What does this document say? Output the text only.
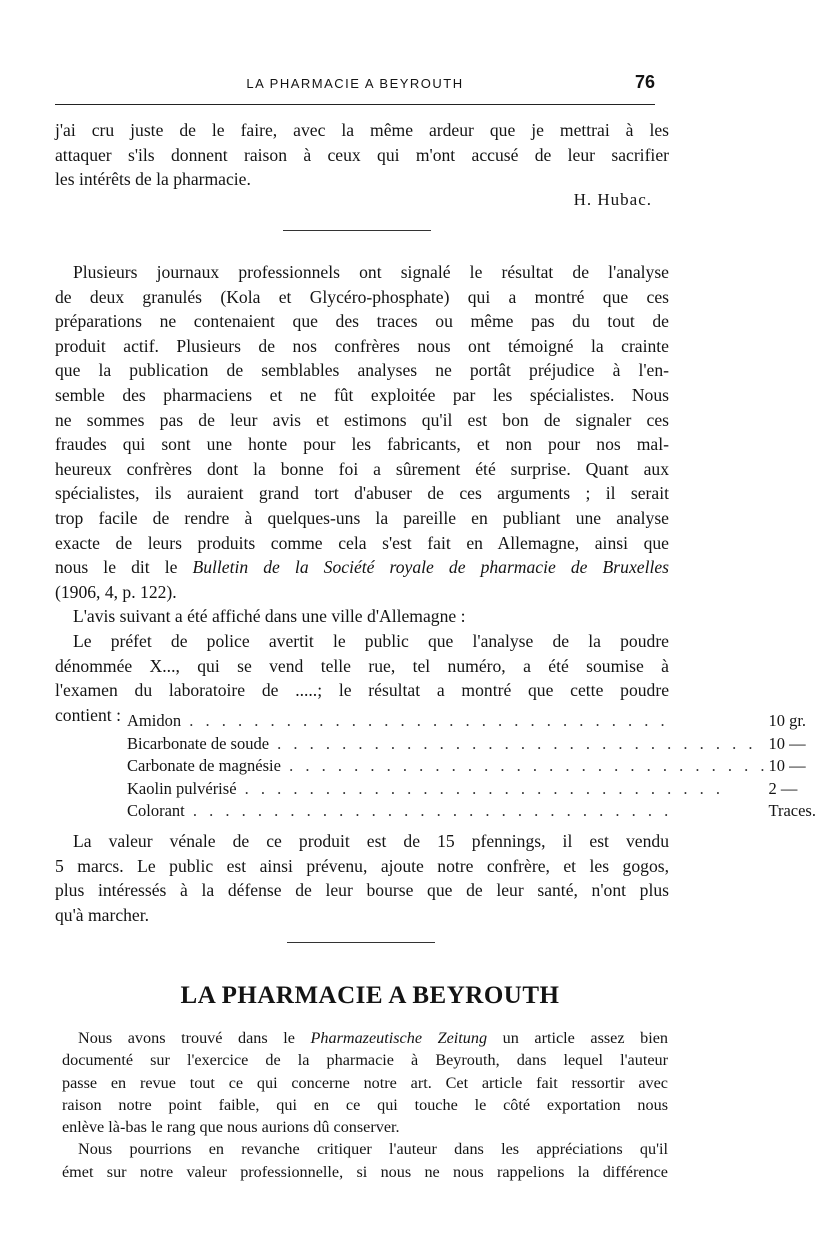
LA PHARMACIE A BEYROUTH	76
j'ai cru juste de le faire, avec la même ardeur que je mettrai à les
attaquer s'ils donnent raison à ceux qui m'ont accusé de leur sacrifier
les intérêts de la pharmacie.
H. Hubac.
Plusieurs journaux professionnels ont signalé le résultat de l'analyse
de deux granulés (Kola et Glycéro-phosphate) qui a montré que ces
préparations ne contenaient que des traces ou même pas du tout de
produit actif. Plusieurs de nos confrères nous ont témoigné la crainte
que la publication de semblables analyses ne portât préjudice à l'en-
semble des pharmaciens et ne fût exploitée par les spécialistes. Nous
ne sommes pas de leur avis et estimons qu'il est bon de signaler ces
fraudes qui sont une honte pour les fabricants, et non pour nos mal-
heureux confrères dont la bonne foi a sûrement été surprise. Quant aux
spécialistes, ils auraient grand tort d'abuser de ces arguments ; il serait
trop facile de rendre à quelques-uns la pareille en publiant une analyse
exacte de leurs produits comme cela s'est fait en Allemagne, ainsi que
nous le dit le Bulletin de la Société royale de pharmacie de Bruxelles
(1906, 4, p. 122).
L'avis suivant a été affiché dans une ville d'Allemagne :
Le préfet de police avertit le public que l'analyse de la poudre
dénommée X..., qui se vend telle rue, tel numéro, a été soumise à
l'examen du laboratoire de .....; le résultat a montré que cette poudre
contient : Amidon . . . . . . . . . . . . . . . . . . . . . . . . . . . . . .	10 gr.
Bicarbonate de soude . . . . . . . . . . . . . . . . . . . . . . . . . . . . . .	10 —
Carbonate de magnésie . . . . . . . . . . . . . . . . . . . . . . . . . . . . . .	10 —
Kaolin pulvérisé . . . . . . . . . . . . . . . . . . . . . . . . . . . . . .	2 —
Colorant . . . . . . . . . . . . . . . . . . . . . . . . . . . . . .	Traces.
La valeur vénale de ce produit est de 15 pfennings, il est vendu
5 marcs. Le public est ainsi prévenu, ajoute notre confrère, et les gogos,
plus intéressés à la défense de leur bourse que de leur santé, n'ont plus
qu'à marcher.
LA PHARMACIE A BEYROUTH
Nous avons trouvé dans le Pharmazeutische Zeitung un article assez bien
documenté sur l'exercice de la pharmacie à Beyrouth, dans lequel l'auteur
passe en revue tout ce qui concerne notre art. Cet article fait ressortir avec
raison notre point faible, qui en ce qui touche le côté exportation nous
enlève là-bas le rang que nous aurions dû conserver.
Nous pourrions en revanche critiquer l'auteur dans les appréciations qu'il
émet sur notre valeur professionnelle, si nous ne nous rappelions la différence
